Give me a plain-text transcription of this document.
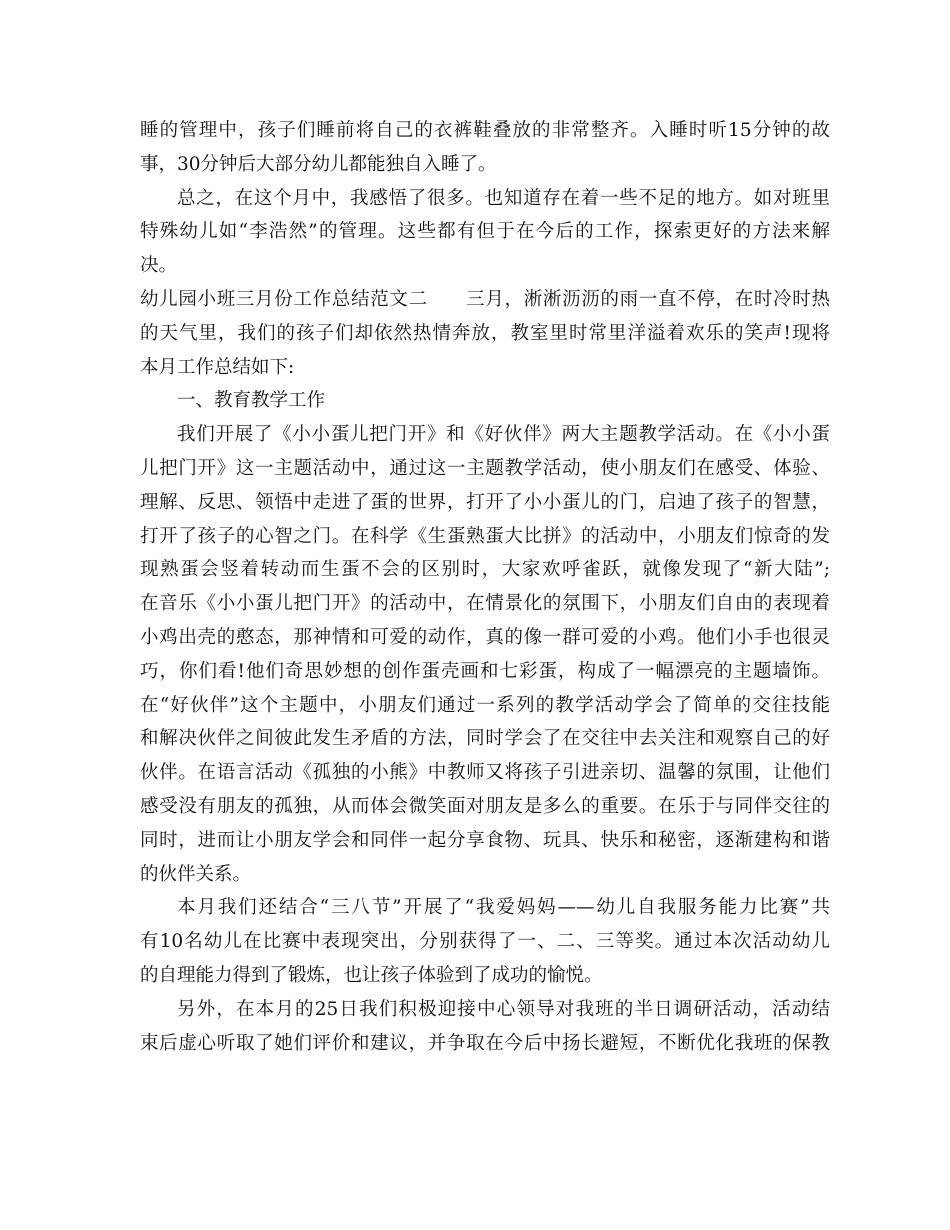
睡的管理中，孩子们睡前将自己的衣裤鞋叠放的非常整齐。入睡时听15分钟的故
事，30分钟后大部分幼儿都能独自入睡了。
总之，在这个月中，我感悟了很多。也知道存在着一些不足的地方。如对班里
特殊幼儿如“李浩然”的管理。这些都有但于在今后的工作，探索更好的方法来解
决。
幼儿园小班三月份工作总结范文二　　三月，淅淅沥沥的雨一直不停，在时冷时热
的天气里，我们的孩子们却依然热情奔放，教室里时常里洋溢着欢乐的笑声!现将
本月工作总结如下:
一、教育教学工作
我们开展了《小小蛋儿把门开》和《好伙伴》两大主题教学活动。在《小小蛋
儿把门开》这一主题活动中，通过这一主题教学活动，使小朋友们在感受、体验、
理解、反思、领悟中走进了蛋的世界，打开了小小蛋儿的门，启迪了孩子的智慧，
打开了孩子的心智之门。在科学《生蛋熟蛋大比拼》的活动中，小朋友们惊奇的发
现熟蛋会竖着转动而生蛋不会的区别时，大家欢呼雀跃，就像发现了“新大陆”;
在音乐《小小蛋儿把门开》的活动中，在情景化的氛围下，小朋友们自由的表现着
小鸡出壳的憨态，那神情和可爱的动作，真的像一群可爱的小鸡。他们小手也很灵
巧，你们看!他们奇思妙想的创作蛋壳画和七彩蛋，构成了一幅漂亮的主题墙饰。
在“好伙伴”这个主题中，小朋友们通过一系列的教学活动学会了简单的交往技能
和解决伙伴之间彼此发生矛盾的方法，同时学会了在交往中去关注和观察自己的好
伙伴。在语言活动《孤独的小熊》中教师又将孩子引进亲切、温馨的氛围，让他们
感受没有朋友的孤独，从而体会微笑面对朋友是多么的重要。在乐于与同伴交往的
同时，进而让小朋友学会和同伴一起分享食物、玩具、快乐和秘密，逐渐建构和谐
的伙伴关系。
本月我们还结合“三八节”开展了“我爱妈妈——幼儿自我服务能力比赛”共
有10名幼儿在比赛中表现突出，分别获得了一、二、三等奖。通过本次活动幼儿
的自理能力得到了锻炼，也让孩子体验到了成功的愉悦。
另外，在本月的25日我们积极迎接中心领导对我班的半日调研活动，活动结
束后虚心听取了她们评价和建议，并争取在今后中扬长避短，不断优化我班的保教
